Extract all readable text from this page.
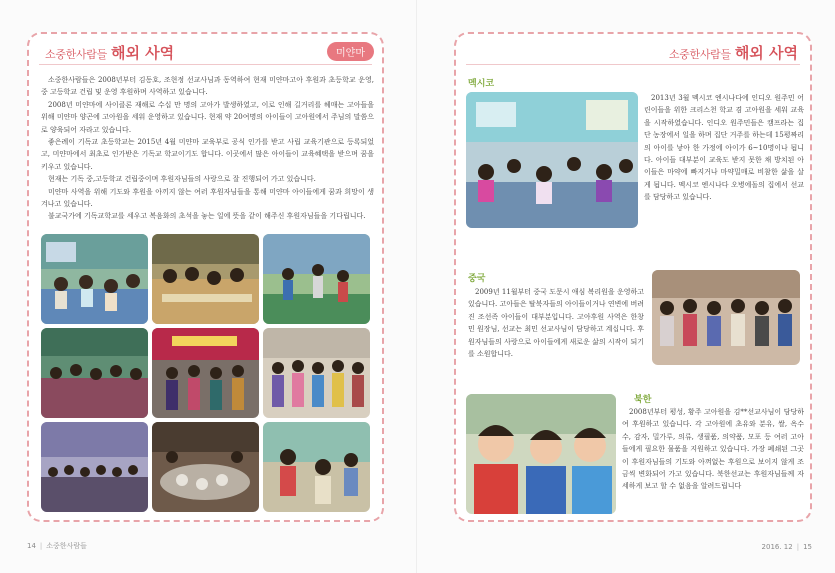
소중한사람들 해외 사역	미얀마

소중한사람들은 2008년부터 김동호, 조현정 선교사님과 동역하여 현재 미얀마고아 후원과 초등학교 운영, 중 고등학교 건립 및 운영 후원하며 사역하고 있습니다.

2008년 미얀마에 사이클론 재해로 수십 만 명의 고아가 발생하였고, 이로 인해 길거리를 헤매는 고아들을 위해 미얀마 양곤에 고아원을 세워 운영하고 있습니다. 현재 약 20여명의 아이들이 고아원에서 주님의 말씀으로 양육되어 자라고 있습니다.

좋은례이 기독교 초등학교는 2015년 4월 미얀마 교육부로 공식 인가를 받고 사립 교육기관으로 등록되었고, 미얀마에서 최초로 인가받은 기독교 학교이기도 합니다. 이곳에서 많은 아이들이 교육혜택을 받으며 꿈을 키우고 있습니다.

현재는 기독 중,고등학교 건립중이며 후원자님들의 사랑으로 잘 진행되어 가고 있습니다.

미얀마 사역을 위해 기도와 후원을 아끼지 않는 여러 후원자님들을 통해 미얀마 아이들에게 꿈과 희망이 생겨나고 있습니다.

불교국가에 기독교학교를 세우고 복음화의 초석을 놓는 일에 뜻을 같이 해주신 후원자님들을 기다립니다.

14 | 소중한사람들
소중한사람들 해외 사역
멕시코

2013년 3월 멕시코 엔시나다에 인디오 원주민 어린이들을 위한 크리스천 학교 겸 고아원을 세워 교육을 시작하였습니다. 인디오 원주민들은 캠프라는 집단 농장에서 일을 하며 집단 거주를 하는데 15평짜리의 아이를 낳아 한 가정에 아이가 6~10명이나 됩니다. 아이들 대부분이 교육도 받지 못한 채 방치된 아이들은 마약에 빠지거나 마약밀매로 비참한 삶을 살게 됩니다. 멕시코 엔시나다 오병에돌의 집에서 선교를 담당하고 있습니다.

중국

2009년 11월부터 중국 도문시 애심 복리원을 운영하고 있습니다. 고아들은 탈북자들의 아이들이거나 연변에 버려진 조선족 아이들이 대부분입니다. 고아후원 사역은 한창민 원장님, 선교는 최민 선교사님이 담당하고 계십니다. 후원자님들의 사랑으로 아이들에게 새로운 삶의 시작이 되기를 소원합니다.

북한

2008년부터 평성, 황주 고아원을 김**선교사님이 담당하여 후원하고 있습니다. 각 고아원에 초유와 분유, 쌀, 옥수수, 감자, 밀가루, 의류, 생필품, 의약품, 모포 등 여러 고아들에게 필요한 물품을 지원하고 있습니다. 가장 폐쇄된 그곳이 후원자님들의 기도와 아껴없는 후원으로 보이지 않게 조금씩 변화되어 가고 있습니다. 북한선교는 후원자님들께 자세하게 보고 할 수 없음을 알려드립니다

2016. 12 | 15
